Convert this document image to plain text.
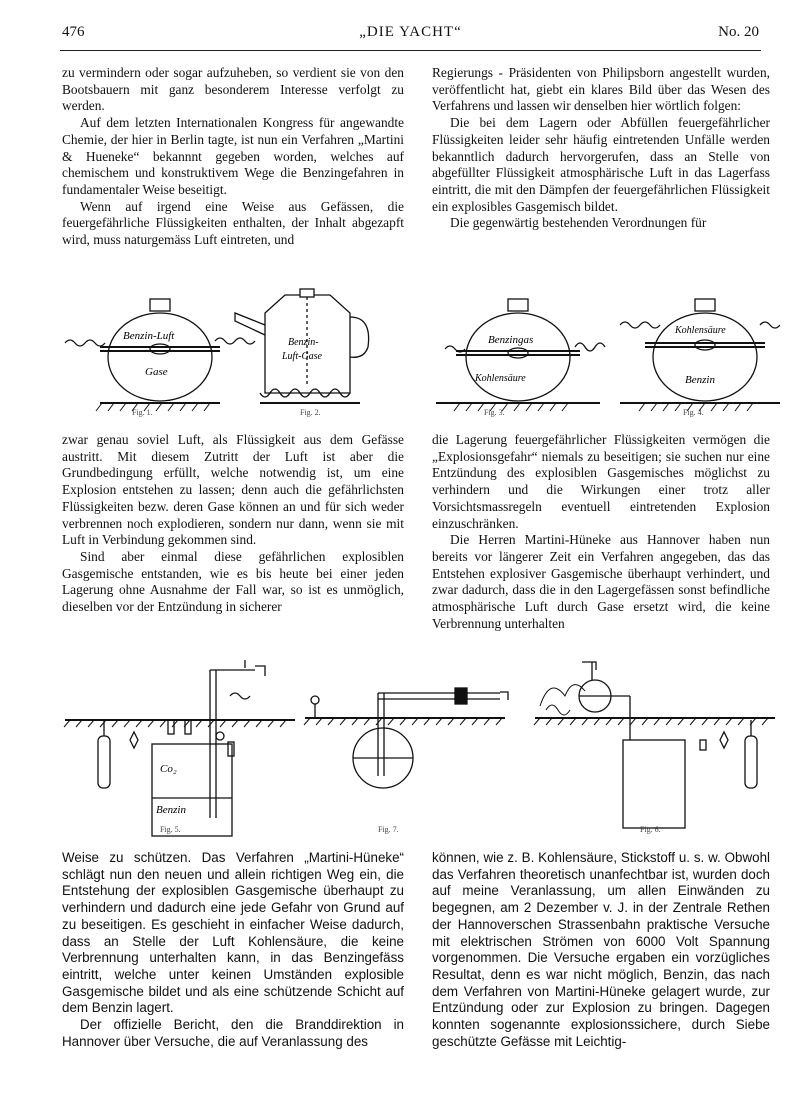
476	„DIE YACHT“	No. 20

zu vermindern oder sogar aufzuheben, so verdient sie von den Bootsbauern mit ganz besonderem Interesse verfolgt zu werden.

Auf dem letzten Internationalen Kongress für angewandte Chemie, der hier in Berlin tagte, ist nun ein Verfahren „Martini & Hueneke“ bekannnt gegeben worden, welches auf chemischem und konstruktivem Wege die Benzingefahren in fundamentaler Weise beseitigt.

Wenn auf irgend eine Weise aus Gefässen, die feuergefährliche Flüssigkeiten enthalten, der Inhalt abgezapft wird, muss naturgemäss Luft eintreten, und

Regierungs - Präsidenten von Philipsborn angestellt wurden, veröffentlicht hat, giebt ein klares Bild über das Wesen des Verfahrens und lassen wir denselben hier wörtlich folgen:

Die bei dem Lagern oder Abfüllen feuergefährlicher Flüssigkeiten leider sehr häufig eintretenden Unfälle werden bekanntlich dadurch hervorgerufen, dass an Stelle von abgefüllter Flüssigkeit atmosphärische Luft in das Lagerfass eintritt, die mit den Dämpfen der feuergefährlichen Flüssigkeit ein explosibles Gasgemisch bildet.

Die gegenwärtig bestehenden Verordnungen für

Benzin-Luft
Gase
Fig. 1.
Benzin-
Luft-Gase
Fig. 2.
Benzingas
Kohlensäure
Fig. 3.
Kohlensäure
Benzin
Fig. 4.

zwar genau soviel Luft, als Flüssigkeit aus dem Gefässe austritt. Mit diesem Zutritt der Luft ist aber die Grundbedingung erfüllt, welche notwendig ist, um eine Explosion entstehen zu lassen; denn auch die gefährlichsten Flüssigkeiten bezw. deren Gase können an und für sich weder verbrennen noch explodieren, sondern nur dann, wenn sie mit Luft in Verbindung gekommen sind.

Sind aber einmal diese gefährlichen explosiblen Gasgemische entstanden, wie es bis heute bei einer jeden Lagerung ohne Ausnahme der Fall war, so ist es unmöglich, dieselben vor der Entzündung in sicherer

die Lagerung feuergefährlicher Flüssigkeiten vermögen die „Explosionsgefahr“ niemals zu beseitigen; sie suchen nur eine Entzündung des explosiblen Gasgemisches möglichst zu verhindern und die Wirkungen einer trotz aller Vorsichtsmassregeln eventuell eintretenden Explosion einzuschränken.

Die Herren Martini-Hüneke aus Hannover haben nun bereits vor längerer Zeit ein Verfahren angegeben, das das Entstehen explosiver Gasgemische überhaupt verhindert, und zwar dadurch, dass die in den Lagergefässen sonst befindliche atmosphärische Luft durch Gase ersetzt wird, die keine Verbrennung unterhalten

Co₂
Benzin
Fig. 5.	Fig. 7.	Fig. 6.

Weise zu schützen. Das Verfahren „Martini-Hüneke“ schlägt nun den neuen und allein richtigen Weg ein, die Entstehung der explosiblen Gasgemische überhaupt zu verhindern und dadurch eine jede Gefahr von Grund auf zu beseitigen. Es geschieht in einfacher Weise dadurch, dass an Stelle der Luft Kohlensäure, die keine Verbrennung unterhalten kann, in das Benzingefäss eintritt, welche unter keinen Umständen explosible Gasgemische bildet und als eine schützende Schicht auf dem Benzin lagert.

Der offizielle Bericht, den die Branddirektion in Hannover über Versuche, die auf Veranlassung des

können, wie z. B. Kohlensäure, Stickstoff u. s. w. Obwohl das Verfahren theoretisch unanfechtbar ist, wurden doch auf meine Veranlassung, um allen Einwänden zu begegnen, am 2 Dezember v. J. in der Zentrale Rethen der Hannoverschen Strassenbahn praktische Versuche mit elektrischen Strömen von 6000 Volt Spannung vorgenommen. Die Versuche ergaben ein vorzügliches Resultat, denn es war nicht möglich, Benzin, das nach dem Verfahren von Martini-Hüneke gelagert wurde, zur Entzündung oder zur Explosion zu bringen. Dagegen konnten sogenannte explosionssichere, durch Siebe geschützte Gefässe mit Leichtig-
